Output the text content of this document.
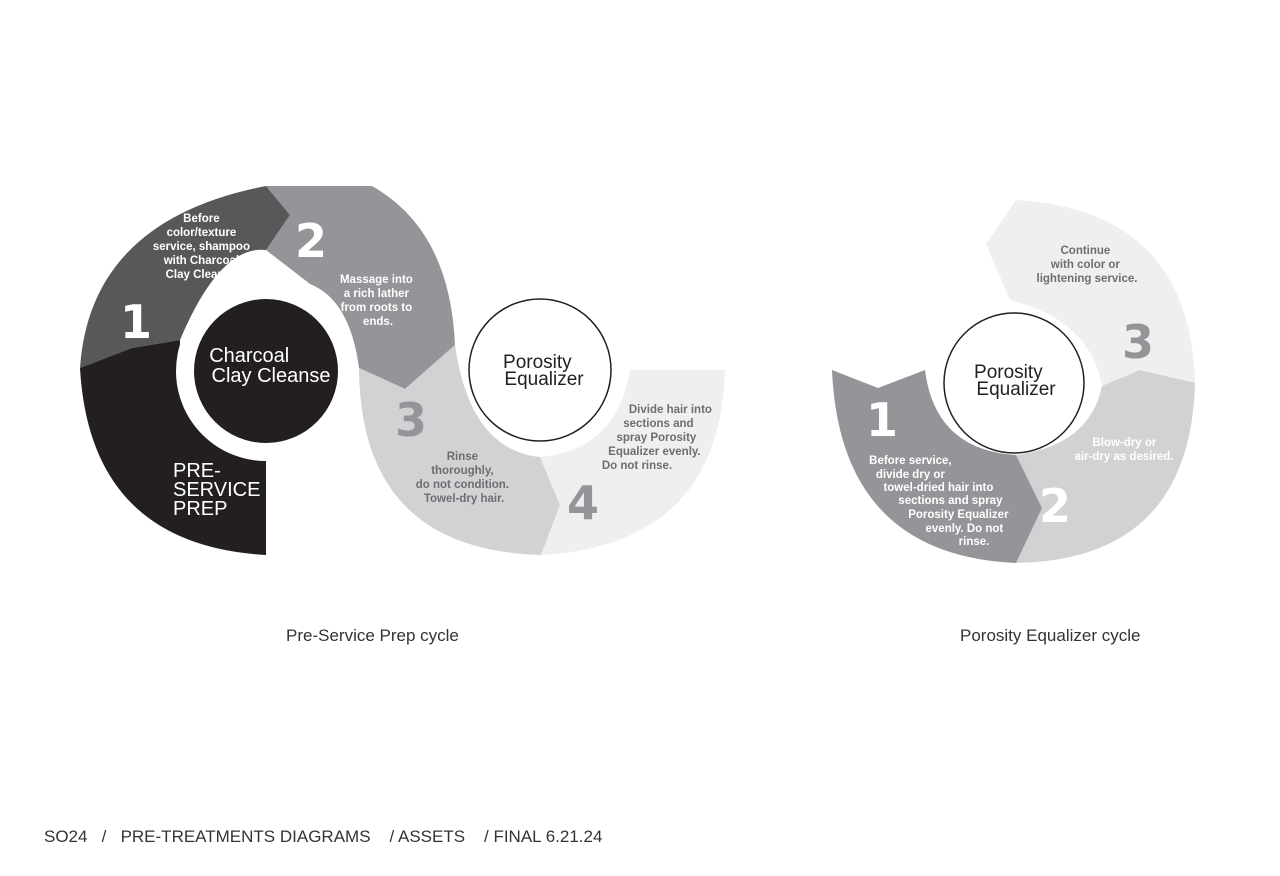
Charcoal Clay Cleanse
Porosity Equalizer
PRE- SERVICE PREP
1
2
3
4
Before color/texture service, shampoo with Charcoal Clay Cleanse.	Massage into a rich lather from roots to ends.
Rinse thoroughly, do not condition. Towel-dry hair.
Divide hair into sections and spray Porosity Equalizer evenly. Do not rinse.
Porosity Equalizer
1
2
3
Before service, divide dry or towel-dried hair into sections and spray Porosity Equalizer evenly. Do not rinse.
Blow-dry or air-dry as desired.
Continue with color or lightening service.
Pre-Service Prep cycle	Porosity Equalizer cycle
SO24 / PRE-TREATMENTS DIAGRAMS / ASSETS / FINAL 6.21.24
